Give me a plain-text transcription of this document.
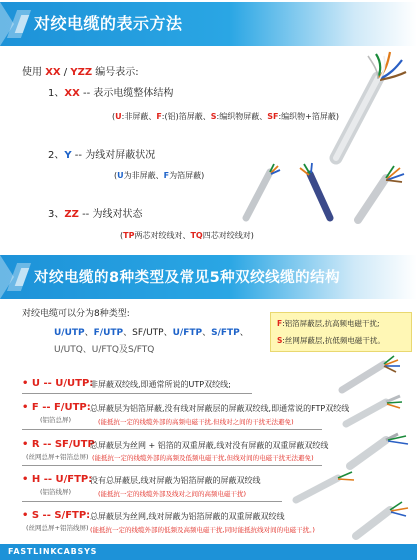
对绞电缆的表示方法
使用 XX / YZZ 编号表示:
1、XX -- 表示电缆整体结构
(U:非屏蔽、F:(铝)箔屏蔽、S:编织物屏蔽、SF:编织物+箔屏蔽)
2、Y -- 为线对屏蔽状况
(U为非屏蔽、F为箔屏蔽)
3、ZZ -- 为线对状态
(TP两芯对绞线对、TQ四芯对绞线对)
对绞电缆的8种类型及常见5种双绞线缆的结构
对绞电缆可以分为8种类型:
U/UTP、F/UTP、SF/UTP、U/FTP、S/FTP、
U/UTQ、U/FTQ及S/FTQ
F:铝箔屏蔽层,抗高频电磁干扰;
S:丝网屏蔽层,抗低频电磁干扰。
• U -- U/UTP:
非屏蔽双绞线,即通常所说的UTP双绞线;
• F -- F/UTP:
(铝箔总屏)
总屏蔽层为铝箔屏蔽,没有线对屏蔽层的屏蔽双绞线,即通常说的FTP双绞线
(能抵抗一定的线缆外部的高频电磁干扰,但线对之间的干扰无法避免)
• R -- SF/UTP
(丝网总屏+铝箔总屏)
总屏蔽层为丝网 + 铝箔的双重屏蔽,线对没有屏蔽的双重屏蔽双绞线
(能抵抗一定的线缆外部的高频及低频电磁干扰,但线对间的电磁干扰无法避免)
• H -- U/FTP:
(铝箔线屏)
没有总屏蔽层,线对屏蔽为铝箔屏蔽的屏蔽双绞线
(能抵抗一定的线缆外部及线对之间的高频电磁干扰)
• S -- S/FTP:
(丝网总屏+铝箔线屏)
总屏蔽层为丝网,线对屏蔽为铝箔屏蔽的双重屏蔽双绞线
(能抵抗一定的线缆外部的低频及高频电磁干扰,同时能抵抗线对间的电磁干扰。)
FASTLINKCABSYS
